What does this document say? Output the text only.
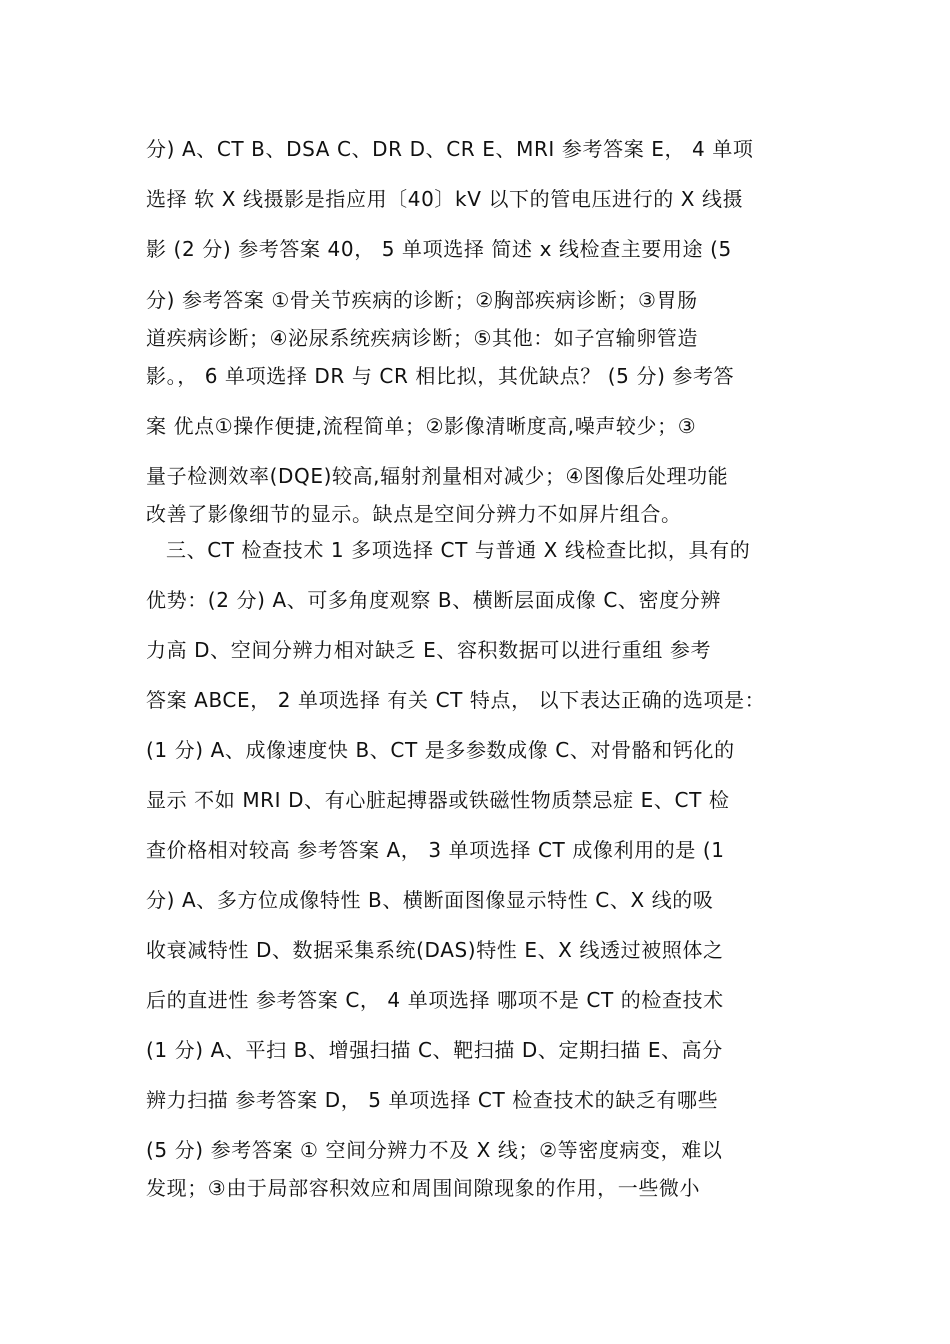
分) A、CT B、DSA C、DR D、CR E、MRI 参考答案 E， 4 单项
选择 软 X 线摄影是指应用〔40〕kV 以下的管电压进行的 X 线摄
影 (2 分) 参考答案 40， 5 单项选择 简述 x 线检查主要用途 (5
分) 参考答案 ①骨关节疾病的诊断；②胸部疾病诊断；③胃肠
道疾病诊断；④泌尿系统疾病诊断；⑤其他：如子宫输卵管造
影。， 6 单项选择 DR 与 CR 相比拟，其优缺点？ (5 分) 参考答
案 优点①操作便捷,流程简单；②影像清晰度高,噪声较少；③
量子检测效率(DQE)较高,辐射剂量相对减少；④图像后处理功能
改善了影像细节的显示。缺点是空间分辨力不如屏片组合。
三、CT 检查技术 1 多项选择 CT 与普通 X 线检查比拟，具有的
优势：(2 分) A、可多角度观察 B、横断层面成像 C、密度分辨
力高 D、空间分辨力相对缺乏 E、容积数据可以进行重组 参考
答案 ABCE， 2 单项选择 有关 CT 特点， 以下表达正确的选项是：
(1 分) A、成像速度快 B、CT 是多参数成像 C、对骨骼和钙化的
显示 不如 MRI D、有心脏起搏器或铁磁性物质禁忌症 E、CT 检
查价格相对较高 参考答案 A， 3 单项选择 CT 成像利用的是 (1
分) A、多方位成像特性 B、横断面图像显示特性 C、X 线的吸
收衰减特性 D、数据采集系统(DAS)特性 E、X 线透过被照体之
后的直进性 参考答案 C， 4 单项选择 哪项不是 CT 的检查技术
(1 分) A、平扫 B、增强扫描 C、靶扫描 D、定期扫描 E、高分
辨力扫描 参考答案 D， 5 单项选择 CT 检查技术的缺乏有哪些
(5 分) 参考答案 ① 空间分辨力不及 X 线；②等密度病变，难以
发现；③由于局部容积效应和周围间隙现象的作用，一些微小
